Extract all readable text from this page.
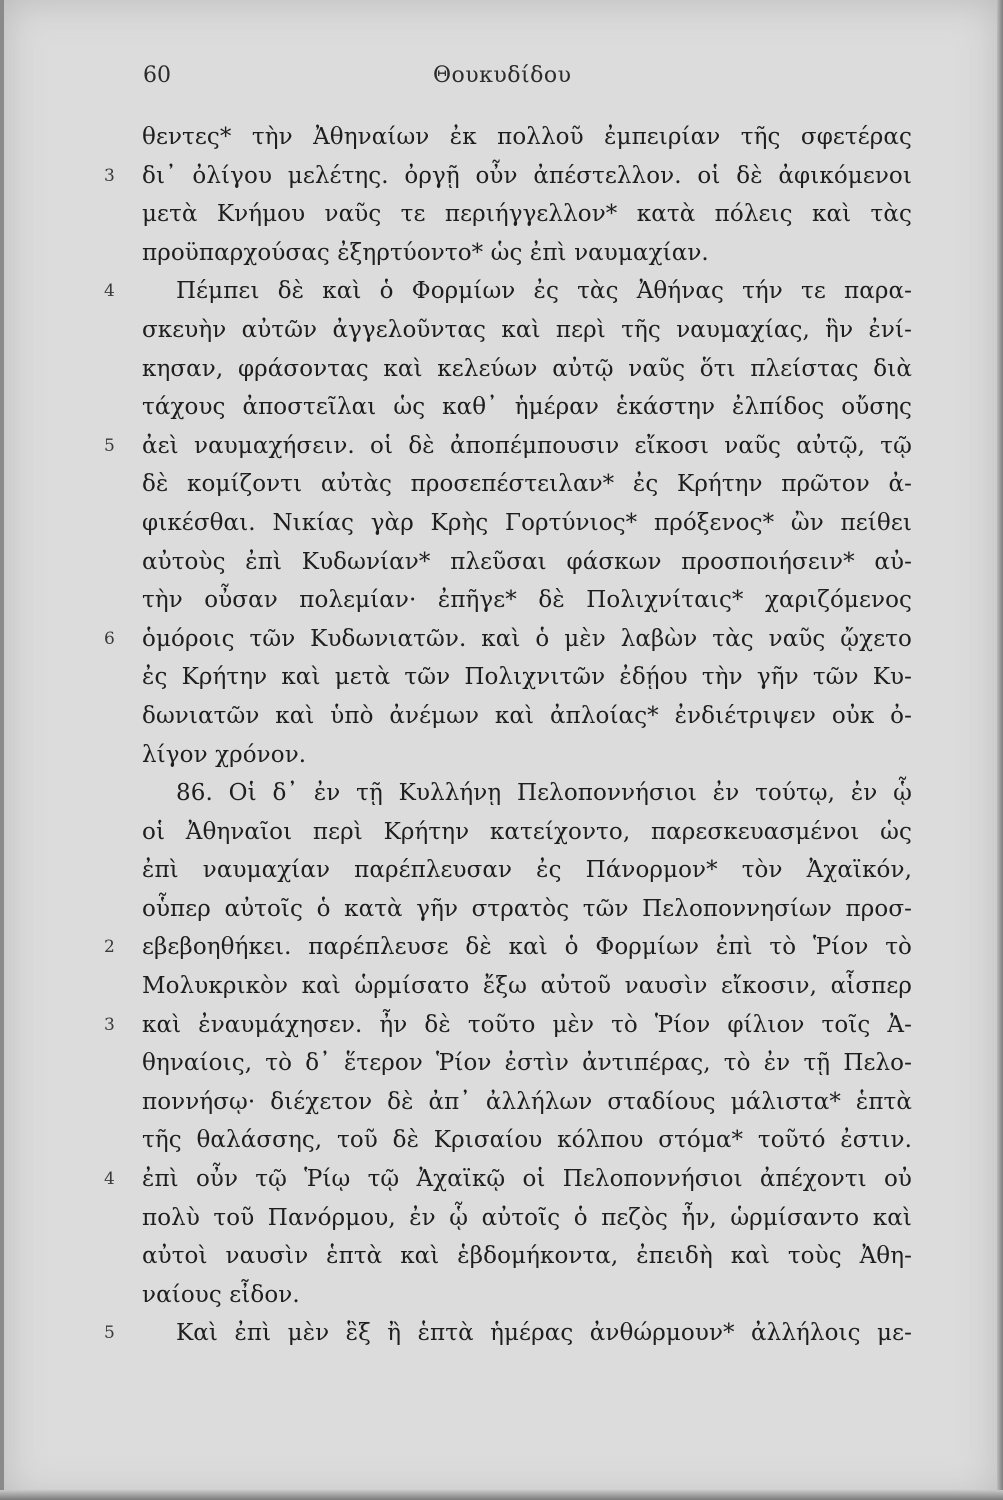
60	Θουκυδίδου
θεντες* τὴν Ἀθηναίων ἐκ πολλοῦ ἐμπειρίαν τῆς σφετέρας
3	δι᾿ ὀλίγου μελέτης. ὀργῇ οὖν ἀπέστελλον. οἱ δὲ ἀφικόμενοι
μετὰ Κνήμου ναῦς τε περιήγγελλον* κατὰ πόλεις καὶ τὰς
προϋπαρχούσας ἐξηρτύοντο* ὡς ἐπὶ ναυμαχίαν.
4	Πέμπει δὲ καὶ ὁ Φορμίων ἐς τὰς Ἀθήνας τήν τε παρα-
σκευὴν αὐτῶν ἀγγελοῦντας καὶ περὶ τῆς ναυμαχίας, ἣν ἐνί-
κησαν, φράσοντας καὶ κελεύων αὐτῷ ναῦς ὅτι πλείστας διὰ
τάχους ἀποστεῖλαι ὡς καθ᾿ ἡμέραν ἑκάστην ἐλπίδος οὔσης
5	ἀεὶ ναυμαχήσειν. οἱ δὲ ἀποπέμπουσιν εἴκοσι ναῦς αὐτῷ, τῷ
δὲ κομίζοντι αὐτὰς προσεπέστειλαν* ἐς Κρήτην πρῶτον ἀ-
φικέσθαι. Νικίας γὰρ Κρὴς Γορτύνιος* πρόξενος* ὢν πείθει
αὐτοὺς ἐπὶ Κυδωνίαν* πλεῦσαι φάσκων προσποιήσειν* αὐ-
τὴν οὖσαν πολεμίαν· ἐπῆγε* δὲ Πολιχνίταις* χαριζόμενος
6	ὁμόροις τῶν Κυδωνιατῶν. καὶ ὁ μὲν λαβὼν τὰς ναῦς ᾤχετο
ἐς Κρήτην καὶ μετὰ τῶν Πολιχνιτῶν ἐδῄου τὴν γῆν τῶν Κυ-
δωνιατῶν καὶ ὑπὸ ἀνέμων καὶ ἀπλοίας* ἐνδιέτριψεν οὐκ ὀ-
λίγον χρόνον.
86. Οἱ δ᾿ ἐν τῇ Κυλλήνῃ Πελοποννήσιοι ἐν τούτῳ, ἐν ᾧ
οἱ Ἀθηναῖοι περὶ Κρήτην κατείχοντο, παρεσκευασμένοι ὡς
ἐπὶ ναυμαχίαν παρέπλευσαν ἐς Πάνορμον* τὸν Ἀχαϊκόν,
οὗπερ αὐτοῖς ὁ κατὰ γῆν στρατὸς τῶν Πελοποννησίων προσ-
2	εβεβοηθήκει. παρέπλευσε δὲ καὶ ὁ Φορμίων ἐπὶ τὸ Ῥίον τὸ
Μολυκρικὸν καὶ ὡρμίσατο ἔξω αὐτοῦ ναυσὶν εἴκοσιν, αἷσπερ
3	καὶ ἐναυμάχησεν. ἦν δὲ τοῦτο μὲν τὸ Ῥίον φίλιον τοῖς Ἀ-
θηναίοις, τὸ δ᾿ ἕτερον Ῥίον ἐστὶν ἀντιπέρας, τὸ ἐν τῇ Πελο-
ποννήσῳ· διέχετον δὲ ἀπ᾿ ἀλλήλων σταδίους μάλιστα* ἑπτὰ
τῆς θαλάσσης, τοῦ δὲ Κρισαίου κόλπου στόμα* τοῦτό ἐστιν.
4	ἐπὶ οὖν τῷ Ῥίῳ τῷ Ἀχαϊκῷ οἱ Πελοποννήσιοι ἀπέχοντι οὐ
πολὺ τοῦ Πανόρμου, ἐν ᾧ αὐτοῖς ὁ πεζὸς ἦν, ὡρμίσαντο καὶ
αὐτοὶ ναυσὶν ἑπτὰ καὶ ἑβδομήκοντα, ἐπειδὴ καὶ τοὺς Ἀθη-
ναίους εἶδον.
5	Καὶ ἐπὶ μὲν ἓξ ἢ ἑπτὰ ἡμέρας ἀνθώρμουν* ἀλλήλοις με-
